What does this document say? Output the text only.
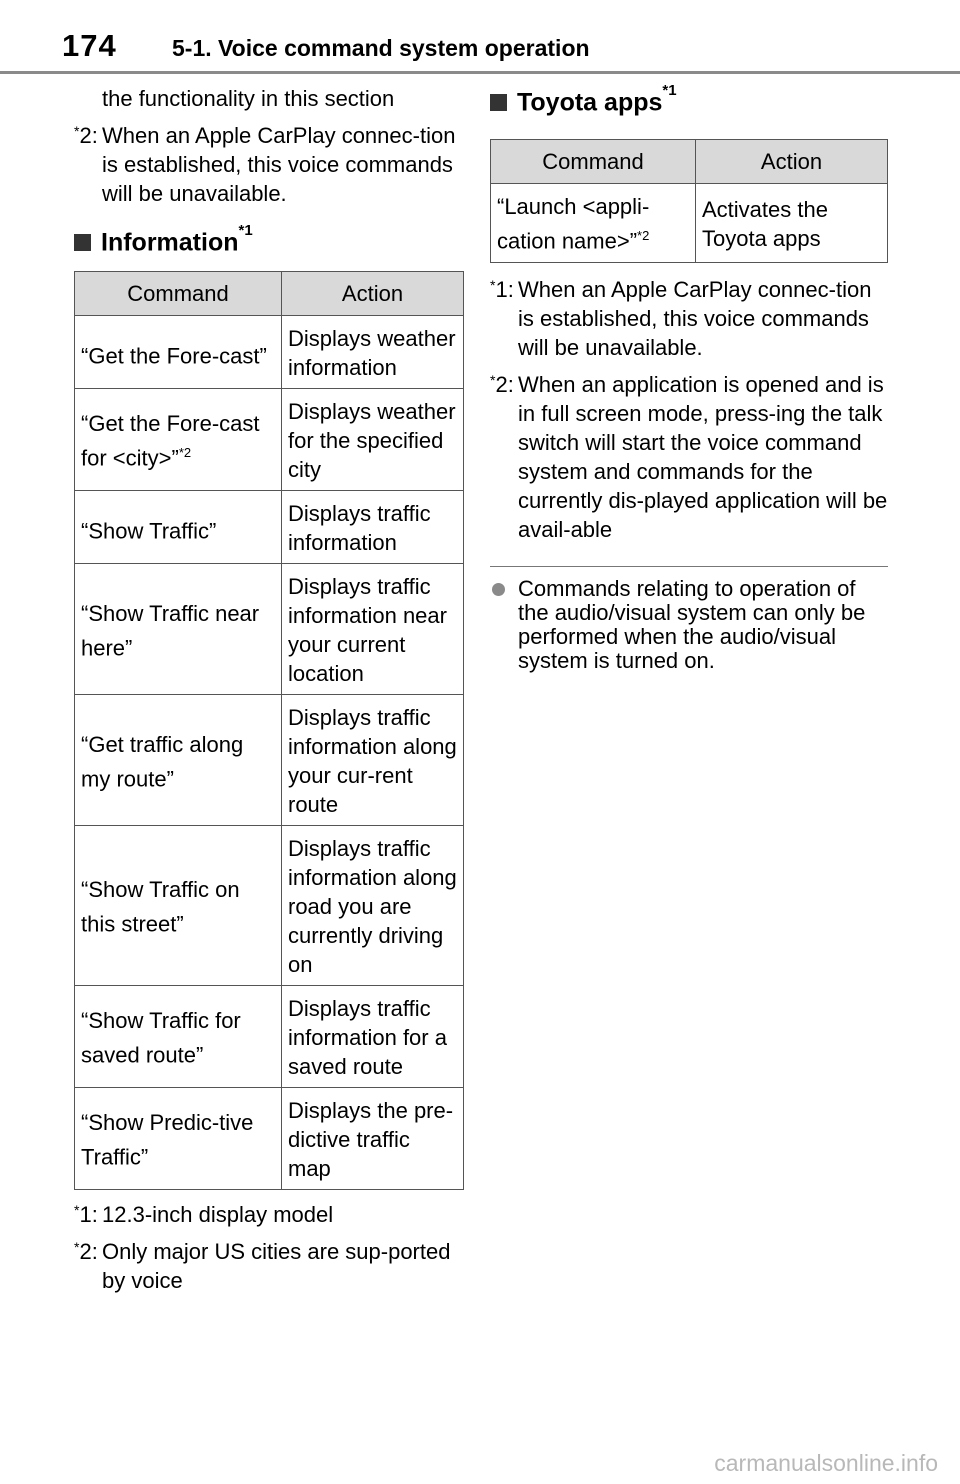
174 5-1. Voice command system operation
the functionality in this section
*2: When an Apple CarPlay connec-tion is established, this voice commands will be unavailable.
Information$^{*1}$
Command	Action
“Get the Fore-cast”	Displays weather information
“Get the Fore-cast for <city>”$^{*2}$	Displays weather for the specified city
“Show Traffic”	Displays traffic information
“Show Traffic near here”	Displays traffic information near your current location
“Get traffic along my route”	Displays traffic information along your cur-rent route
“Show Traffic on this street”	Displays traffic information along road you are currently driving on
“Show Traffic for saved route”	Displays traffic information for a saved route
“Show Predic-tive Traffic”	Displays the pre-dictive traffic map
*1: 12.3-inch display model
*2: Only major US cities are sup-ported by voice
Toyota apps$^{*1}$
Command	Action
“Launch <appli-cation name>”$^{*2}$	Activates the Toyota apps
*1: When an Apple CarPlay connec-tion is established, this voice commands will be unavailable.
*2: When an application is opened and is in full screen mode, press-ing the talk switch will start the voice command system and commands for the currently dis-played application will be avail-able
Commands relating to operation of the audio/visual system can only be performed when the audio/visual system is turned on.
carmanualsonline.info
